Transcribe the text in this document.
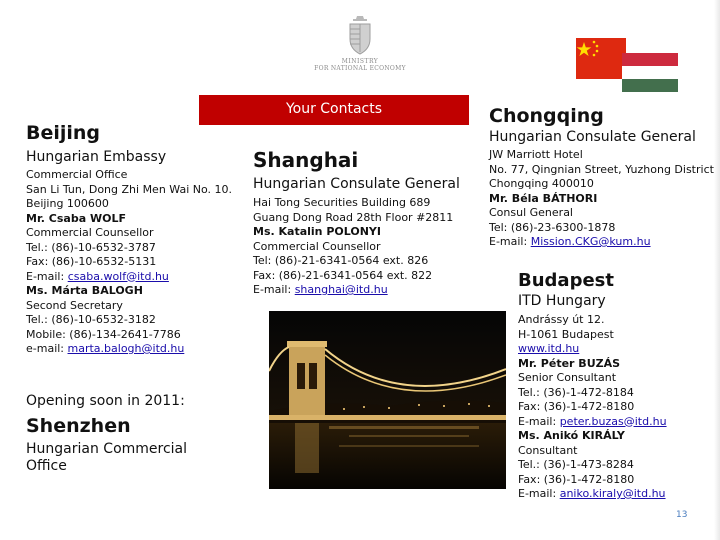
MINISTRY
FOR NATIONAL ECONOMY
Your Contacts
Beijing
Hungarian Embassy
Commercial Office
San Li Tun, Dong Zhi Men Wai No. 10.
Beijing 100600
Mr. Csaba WOLF
Commercial Counsellor
Tel.: (86)-10-6532-3787
Fax: (86)-10-6532-5131
E-mail: csaba.wolf@itd.hu
Ms. Márta BALOGH
Second Secretary
Tel.: (86)-10-6532-3182
Mobile: (86)-134-2641-7786
e-mail: marta.balogh@itd.hu
Opening soon in 2011:
Shenzhen
Hungarian Commercial
Office
Shanghai
Hungarian Consulate General
Hai Tong Securities Building 689
Guang Dong Road 28th Floor #2811
Ms. Katalin POLONYI
Commercial Counsellor
Tel: (86)-21-6341-0564 ext. 826
Fax: (86)-21-6341-0564 ext. 822
E-mail: shanghai@itd.hu
Chongqing
Hungarian Consulate General
JW Marriott Hotel
No. 77, Qingnian Street, Yuzhong District
Chongqing 400010
Mr. Béla BÁTHORI
Consul General
Tel: (86)-23-6300-1878
E-mail: Mission.CKG@kum.hu
Budapest
ITD Hungary
Andrássy út 12.
H-1061 Budapest
www.itd.hu
Mr. Péter BUZÁS
Senior Consultant
Tel.: (36)-1-472-8184
Fax: (36)-1-472-8180
E-mail: peter.buzas@itd.hu
Ms. Anikó KIRÁLY
Consultant
Tel.: (36)-1-473-8284
Fax: (36)-1-472-8180
E-mail: aniko.kiraly@itd.hu
13
